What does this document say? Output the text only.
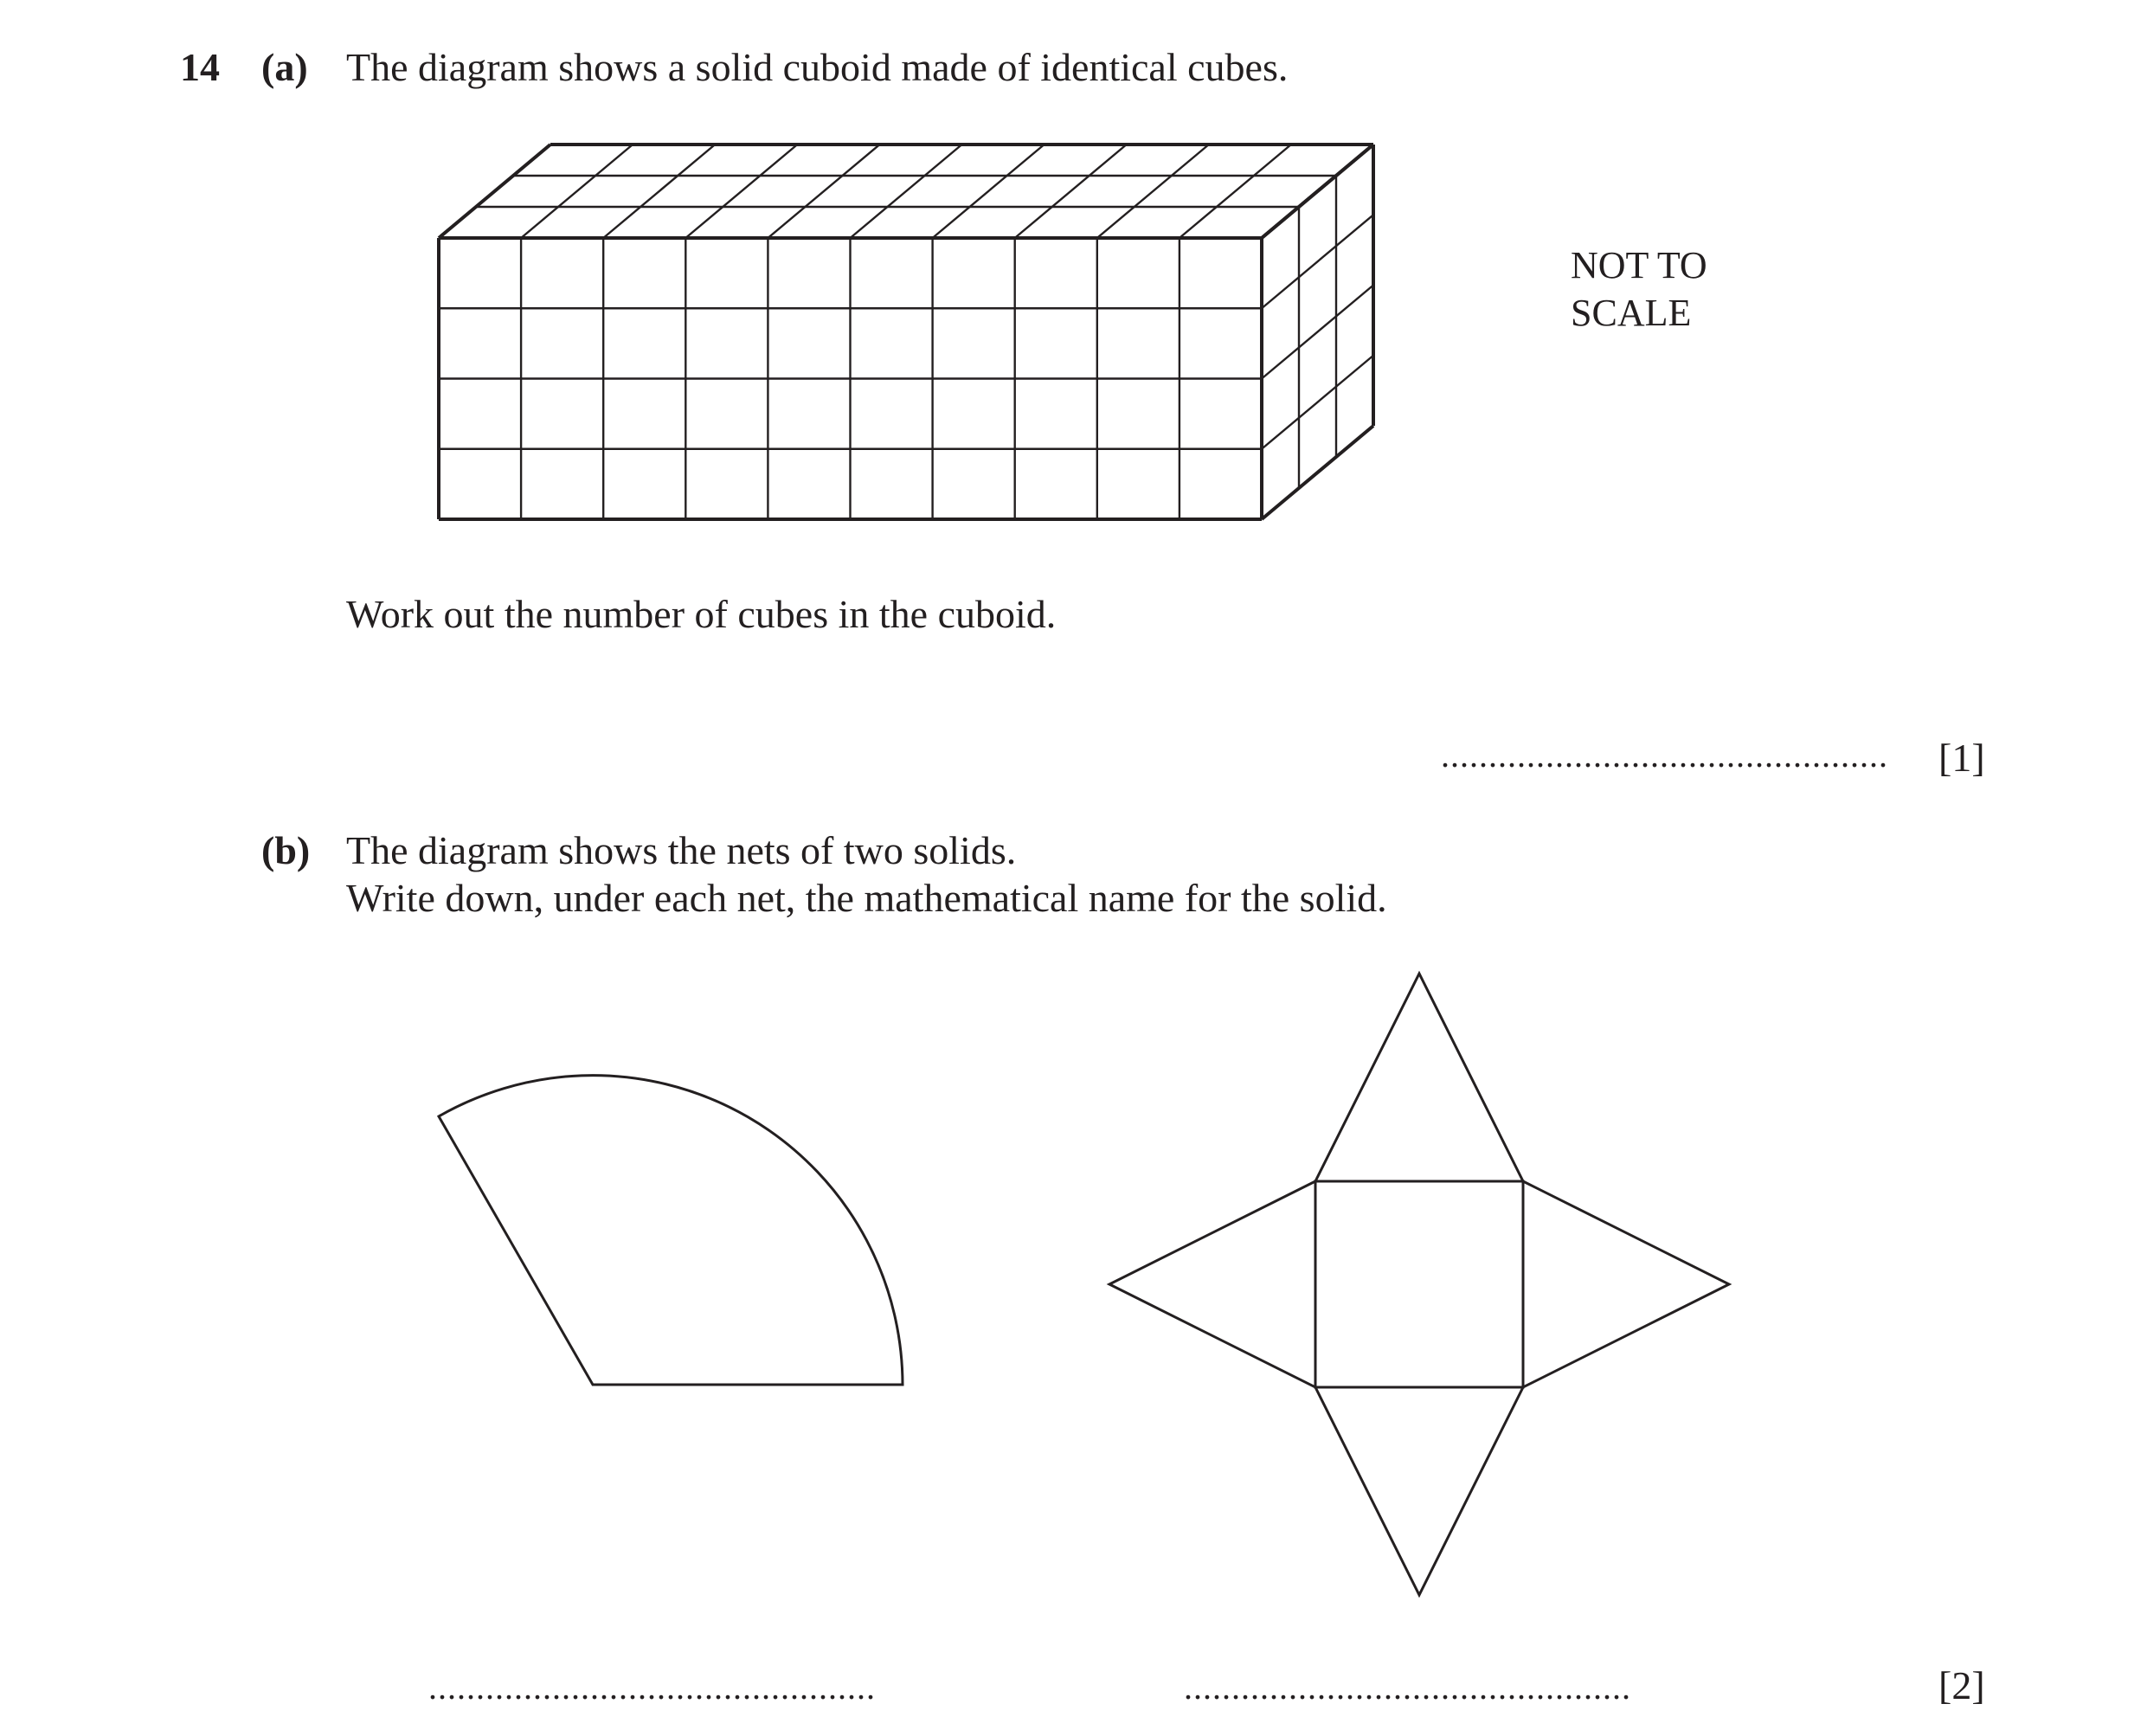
14 (a) The diagram shows a solid cuboid made of identical cubes.
NOT TO
SCALE
Work out the number of cubes in the cuboid.
............................................... [1]
(b) The diagram shows the nets of two solids.
Write down, under each net, the mathematical name for the solid.
...............................................	...............................................	[2]
